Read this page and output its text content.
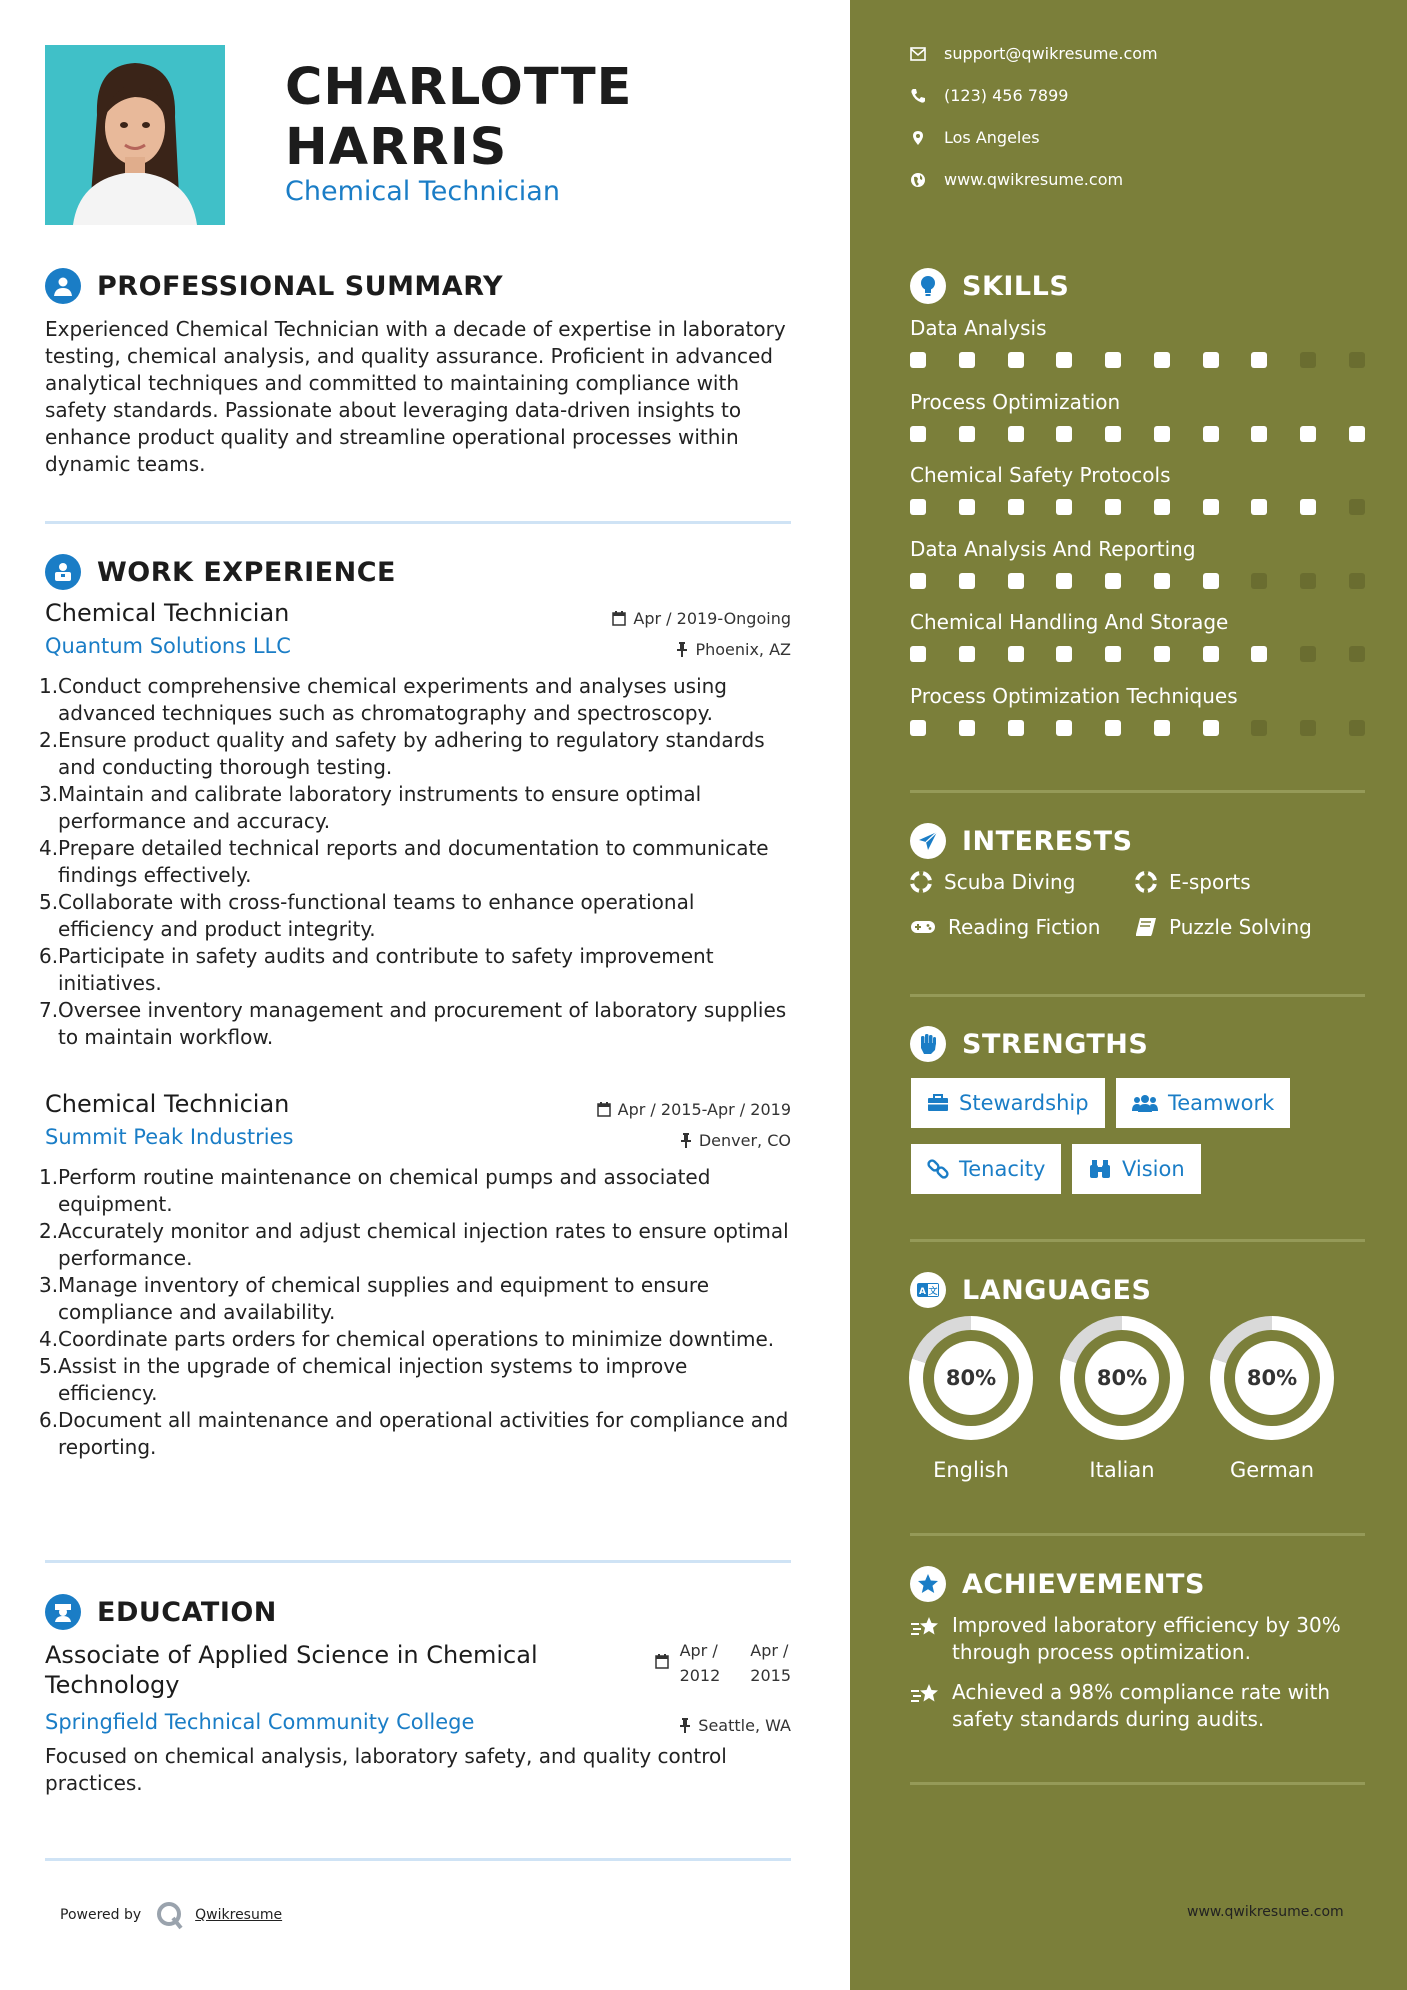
CHARLOTTE
HARRIS
Chemical Technician
PROFESSIONAL SUMMARY
Experienced Chemical Technician with a decade of expertise in laboratory testing, chemical analysis, and quality assurance. Proficient in advanced analytical techniques and committed to maintaining compliance with safety standards. Passionate about leveraging data-driven insights to enhance product quality and streamline operational processes within dynamic teams.
WORK EXPERIENCE
Chemical Technician	Apr / 2019-Ongoing
Quantum Solutions LLC	Phoenix, AZ
1. Conduct comprehensive chemical experiments and analyses using advanced techniques such as chromatography and spectroscopy.
2. Ensure product quality and safety by adhering to regulatory standards and conducting thorough testing.
3. Maintain and calibrate laboratory instruments to ensure optimal performance and accuracy.
4. Prepare detailed technical reports and documentation to communicate findings effectively.
5. Collaborate with cross-functional teams to enhance operational efficiency and product integrity.
6. Participate in safety audits and contribute to safety improvement initiatives.
7. Oversee inventory management and procurement of laboratory supplies to maintain workflow.
Chemical Technician	Apr / 2015-Apr / 2019
Summit Peak Industries	Denver, CO
1. Perform routine maintenance on chemical pumps and associated equipment.
2. Accurately monitor and adjust chemical injection rates to ensure optimal performance.
3. Manage inventory of chemical supplies and equipment to ensure compliance and availability.
4. Coordinate parts orders for chemical operations to minimize downtime.
5. Assist in the upgrade of chemical injection systems to improve efficiency.
6. Document all maintenance and operational activities for compliance and reporting.
EDUCATION
Associate of Applied Science in Chemical
Technology
Apr /
2012
Apr /
2015
Springfield Technical Community College	Seattle, WA
Focused on chemical analysis, laboratory safety, and quality control practices.
Powered by	Qwikresume
support@qwikresume.com
(123) 456 7899
Los Angeles
www.qwikresume.com
SKILLS
Data Analysis
Process Optimization
Chemical Safety Protocols
Data Analysis And Reporting
Chemical Handling And Storage
Process Optimization Techniques
INTERESTS
Scuba Diving	E-sports
Reading Fiction	Puzzle Solving
STRENGTHS
Stewardship	Teamwork
Tenacity	Vision
A 文 LANGUAGES
80%
English
80%
Italian
80%
German
ACHIEVEMENTS
Improved laboratory efficiency by 30% through process optimization.
Achieved a 98% compliance rate with safety standards during audits.
www.qwikresume.com
